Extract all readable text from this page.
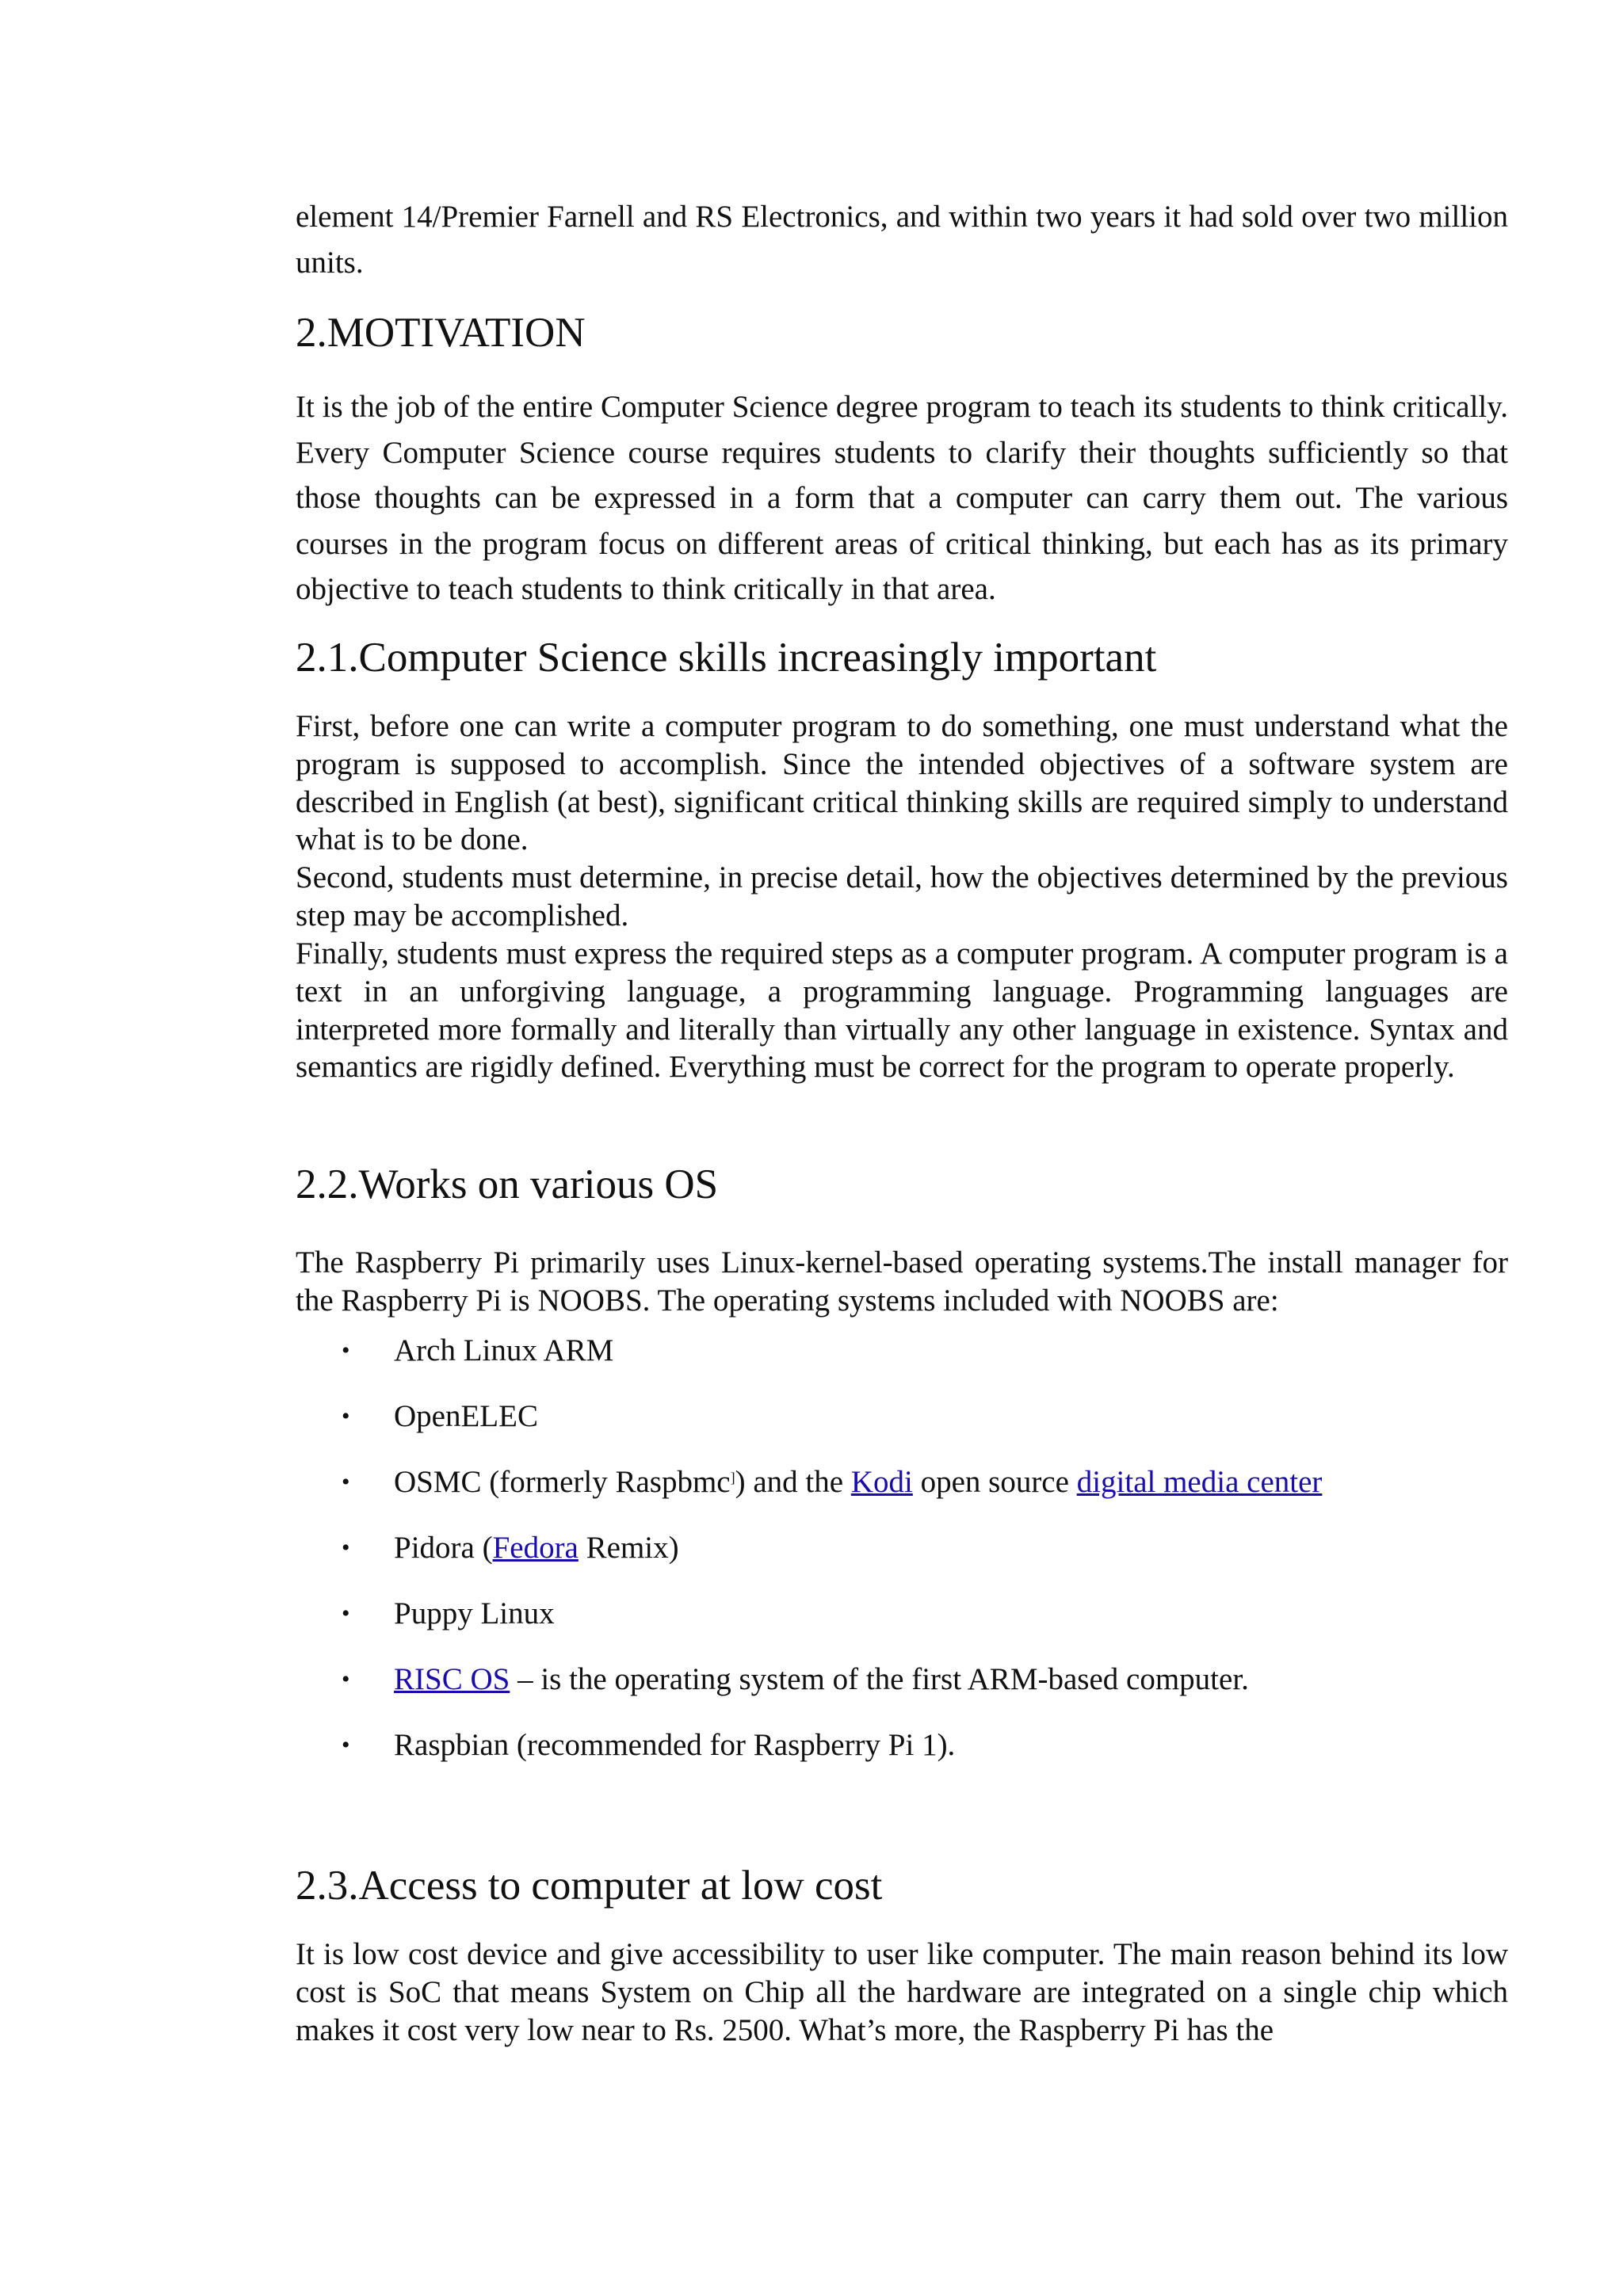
element 14/Premier Farnell and RS Electronics, and within two years it had sold over two million units.

2.MOTIVATION

It is the job of the entire Computer Science degree program to teach its students to think critically. Every Computer Science course requires students to clarify their thoughts sufficiently so that those thoughts can be expressed in a form that a computer can carry them out. The various courses in the program focus on different areas of critical thinking, but each has as its primary objective to teach students to think critically in that area.

2.1.Computer Science skills increasingly important

First, before one can write a computer program to do something, one must understand what the program is supposed to accomplish. Since the intended objectives of a software system are described in English (at best), significant critical thinking skills are required simply to understand what is to be done.

Second, students must determine, in precise detail, how the objectives determined by the previous step may be accomplished.

Finally, students must express the required steps as a computer program. A computer program is a text in an unforgiving language, a programming language. Programming languages are interpreted more formally and literally than virtually any other language in existence. Syntax and semantics are rigidly defined. Everything must be correct for the program to operate properly.

2.2.Works on various OS

The Raspberry Pi primarily uses Linux-kernel-based operating systems.The install manager for the Raspberry Pi is NOOBS. The operating systems included with NOOBS are:

• Arch Linux ARM
• OpenELEC
• OSMC (formerly Raspbmc]) and the Kodi open source digital media center
• Pidora (Fedora Remix)
• Puppy Linux
• RISC OS – is the operating system of the first ARM-based computer.
• Raspbian (recommended for Raspberry Pi 1).
2.3.Access to computer at low cost

It is low cost device and give accessibility to user like computer. The main reason behind its low cost is SoC that means System on Chip all the hardware are integrated on a single chip which makes it cost very low near to Rs. 2500. What’s more, the Raspberry Pi has the
